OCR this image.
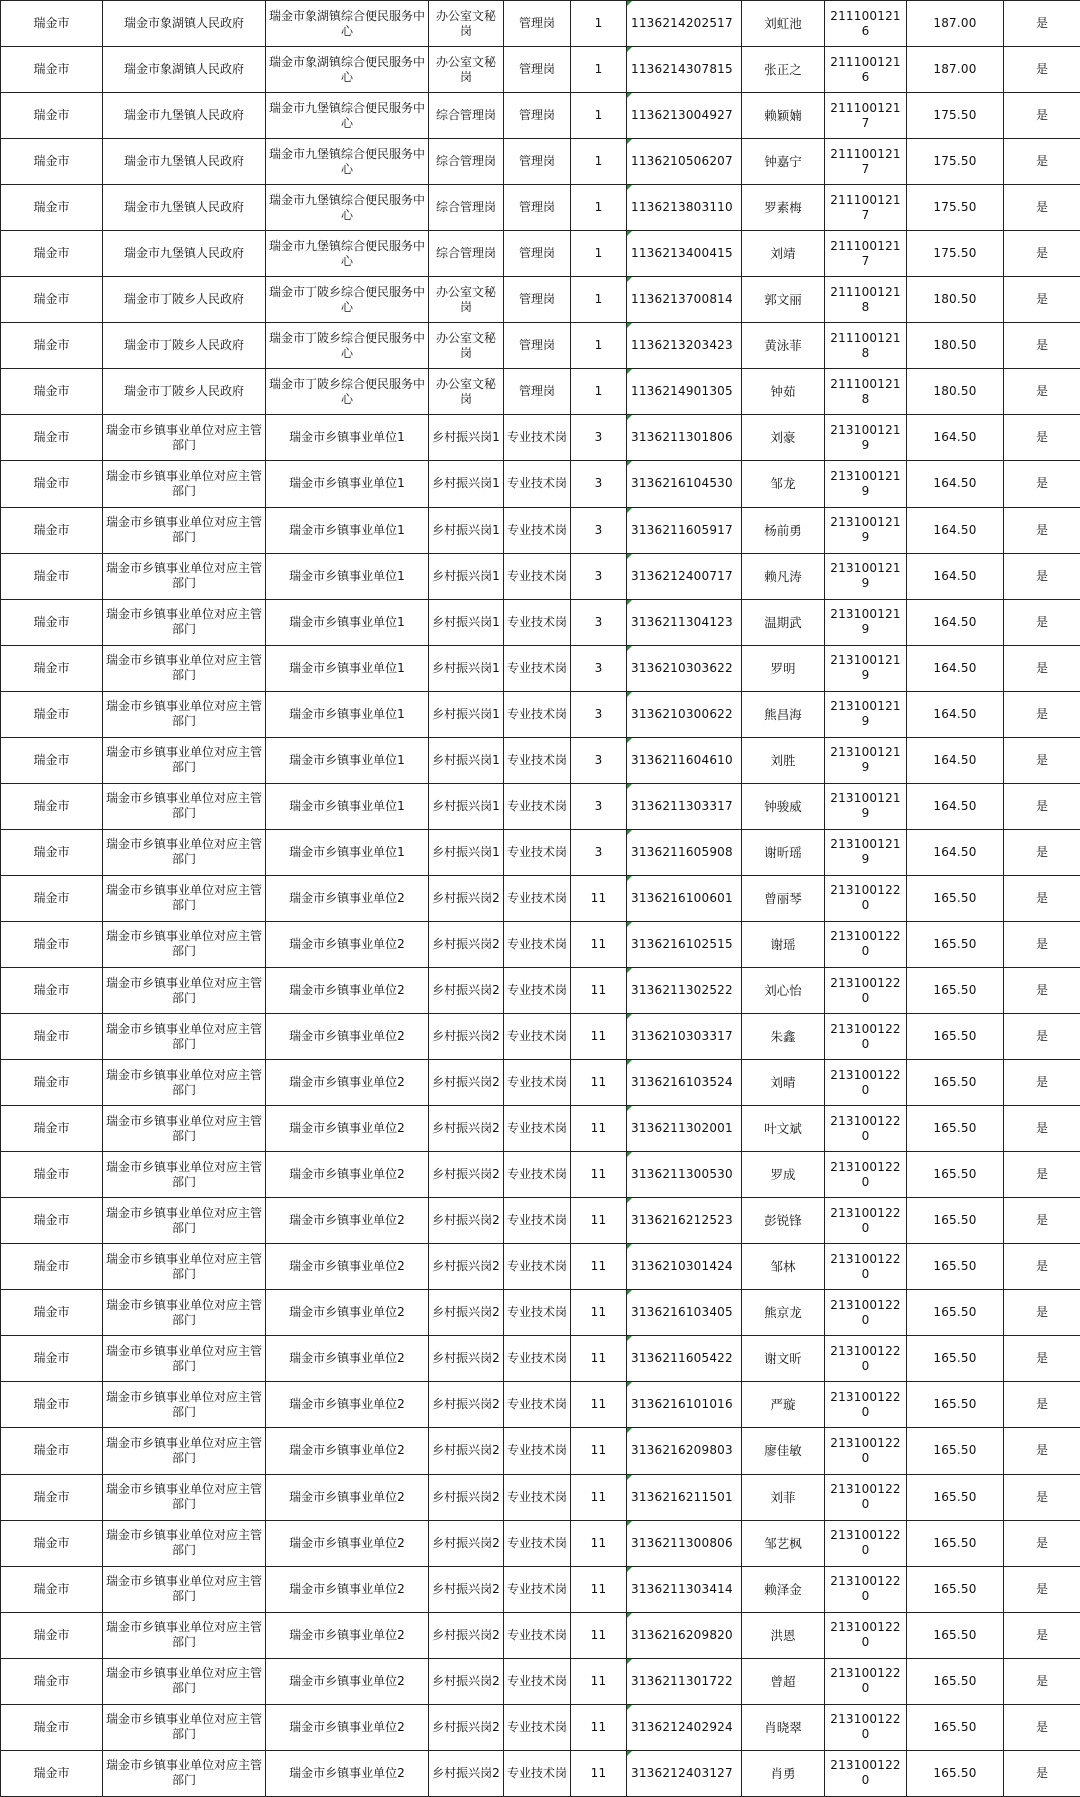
瑞金市	瑞金市象湖镇人民政府	瑞金市象湖镇综合便民服务中心	办公室文秘岗	管理岗	1	1136214202517	刘虹池	2111001216	187.00	是
瑞金市	瑞金市象湖镇人民政府	瑞金市象湖镇综合便民服务中心	办公室文秘岗	管理岗	1	1136214307815	张正之	2111001216	187.00	是
瑞金市	瑞金市九堡镇人民政府	瑞金市九堡镇综合便民服务中心	综合管理岗	管理岗	1	1136213004927	赖颖婻	2111001217	175.50	是
瑞金市	瑞金市九堡镇人民政府	瑞金市九堡镇综合便民服务中心	综合管理岗	管理岗	1	1136210506207	钟嘉宁	2111001217	175.50	是
瑞金市	瑞金市九堡镇人民政府	瑞金市九堡镇综合便民服务中心	综合管理岗	管理岗	1	1136213803110	罗素梅	2111001217	175.50	是
瑞金市	瑞金市九堡镇人民政府	瑞金市九堡镇综合便民服务中心	综合管理岗	管理岗	1	1136213400415	刘靖	2111001217	175.50	是
瑞金市	瑞金市丁陂乡人民政府	瑞金市丁陂乡综合便民服务中心	办公室文秘岗	管理岗	1	1136213700814	郭文丽	2111001218	180.50	是
瑞金市	瑞金市丁陂乡人民政府	瑞金市丁陂乡综合便民服务中心	办公室文秘岗	管理岗	1	1136213203423	黄泳菲	2111001218	180.50	是
瑞金市	瑞金市丁陂乡人民政府	瑞金市丁陂乡综合便民服务中心	办公室文秘岗	管理岗	1	1136214901305	钟茹	2111001218	180.50	是
瑞金市	瑞金市乡镇事业单位对应主管部门	瑞金市乡镇事业单位1	乡村振兴岗1	专业技术岗	3	3136211301806	刘豪	2131001219	164.50	是
瑞金市	瑞金市乡镇事业单位对应主管部门	瑞金市乡镇事业单位1	乡村振兴岗1	专业技术岗	3	3136216104530	邹龙	2131001219	164.50	是
瑞金市	瑞金市乡镇事业单位对应主管部门	瑞金市乡镇事业单位1	乡村振兴岗1	专业技术岗	3	3136211605917	杨前勇	2131001219	164.50	是
瑞金市	瑞金市乡镇事业单位对应主管部门	瑞金市乡镇事业单位1	乡村振兴岗1	专业技术岗	3	3136212400717	赖凡涛	2131001219	164.50	是
瑞金市	瑞金市乡镇事业单位对应主管部门	瑞金市乡镇事业单位1	乡村振兴岗1	专业技术岗	3	3136211304123	温期武	2131001219	164.50	是
瑞金市	瑞金市乡镇事业单位对应主管部门	瑞金市乡镇事业单位1	乡村振兴岗1	专业技术岗	3	3136210303622	罗明	2131001219	164.50	是
瑞金市	瑞金市乡镇事业单位对应主管部门	瑞金市乡镇事业单位1	乡村振兴岗1	专业技术岗	3	3136210300622	熊昌海	2131001219	164.50	是
瑞金市	瑞金市乡镇事业单位对应主管部门	瑞金市乡镇事业单位1	乡村振兴岗1	专业技术岗	3	3136211604610	刘胜	2131001219	164.50	是
瑞金市	瑞金市乡镇事业单位对应主管部门	瑞金市乡镇事业单位1	乡村振兴岗1	专业技术岗	3	3136211303317	钟骏威	2131001219	164.50	是
瑞金市	瑞金市乡镇事业单位对应主管部门	瑞金市乡镇事业单位1	乡村振兴岗1	专业技术岗	3	3136211605908	谢昕瑶	2131001219	164.50	是
瑞金市	瑞金市乡镇事业单位对应主管部门	瑞金市乡镇事业单位2	乡村振兴岗2	专业技术岗	11	3136216100601	曾丽琴	2131001220	165.50	是
瑞金市	瑞金市乡镇事业单位对应主管部门	瑞金市乡镇事业单位2	乡村振兴岗2	专业技术岗	11	3136216102515	谢瑶	2131001220	165.50	是
瑞金市	瑞金市乡镇事业单位对应主管部门	瑞金市乡镇事业单位2	乡村振兴岗2	专业技术岗	11	3136211302522	刘心怡	2131001220	165.50	是
瑞金市	瑞金市乡镇事业单位对应主管部门	瑞金市乡镇事业单位2	乡村振兴岗2	专业技术岗	11	3136210303317	朱鑫	2131001220	165.50	是
瑞金市	瑞金市乡镇事业单位对应主管部门	瑞金市乡镇事业单位2	乡村振兴岗2	专业技术岗	11	3136216103524	刘晴	2131001220	165.50	是
瑞金市	瑞金市乡镇事业单位对应主管部门	瑞金市乡镇事业单位2	乡村振兴岗2	专业技术岗	11	3136211302001	叶文斌	2131001220	165.50	是
瑞金市	瑞金市乡镇事业单位对应主管部门	瑞金市乡镇事业单位2	乡村振兴岗2	专业技术岗	11	3136211300530	罗成	2131001220	165.50	是
瑞金市	瑞金市乡镇事业单位对应主管部门	瑞金市乡镇事业单位2	乡村振兴岗2	专业技术岗	11	3136216212523	彭锐锋	2131001220	165.50	是
瑞金市	瑞金市乡镇事业单位对应主管部门	瑞金市乡镇事业单位2	乡村振兴岗2	专业技术岗	11	3136210301424	邹林	2131001220	165.50	是
瑞金市	瑞金市乡镇事业单位对应主管部门	瑞金市乡镇事业单位2	乡村振兴岗2	专业技术岗	11	3136216103405	熊京龙	2131001220	165.50	是
瑞金市	瑞金市乡镇事业单位对应主管部门	瑞金市乡镇事业单位2	乡村振兴岗2	专业技术岗	11	3136211605422	谢文昕	2131001220	165.50	是
瑞金市	瑞金市乡镇事业单位对应主管部门	瑞金市乡镇事业单位2	乡村振兴岗2	专业技术岗	11	3136216101016	严璇	2131001220	165.50	是
瑞金市	瑞金市乡镇事业单位对应主管部门	瑞金市乡镇事业单位2	乡村振兴岗2	专业技术岗	11	3136216209803	廖佳敏	2131001220	165.50	是
瑞金市	瑞金市乡镇事业单位对应主管部门	瑞金市乡镇事业单位2	乡村振兴岗2	专业技术岗	11	3136216211501	刘菲	2131001220	165.50	是
瑞金市	瑞金市乡镇事业单位对应主管部门	瑞金市乡镇事业单位2	乡村振兴岗2	专业技术岗	11	3136211300806	邹艺枫	2131001220	165.50	是
瑞金市	瑞金市乡镇事业单位对应主管部门	瑞金市乡镇事业单位2	乡村振兴岗2	专业技术岗	11	3136211303414	赖泽金	2131001220	165.50	是
瑞金市	瑞金市乡镇事业单位对应主管部门	瑞金市乡镇事业单位2	乡村振兴岗2	专业技术岗	11	3136216209820	洪恩	2131001220	165.50	是
瑞金市	瑞金市乡镇事业单位对应主管部门	瑞金市乡镇事业单位2	乡村振兴岗2	专业技术岗	11	3136211301722	曾超	2131001220	165.50	是
瑞金市	瑞金市乡镇事业单位对应主管部门	瑞金市乡镇事业单位2	乡村振兴岗2	专业技术岗	11	3136212402924	肖晓翠	2131001220	165.50	是
瑞金市	瑞金市乡镇事业单位对应主管部门	瑞金市乡镇事业单位2	乡村振兴岗2	专业技术岗	11	3136212403127	肖勇	2131001220	165.50	是
